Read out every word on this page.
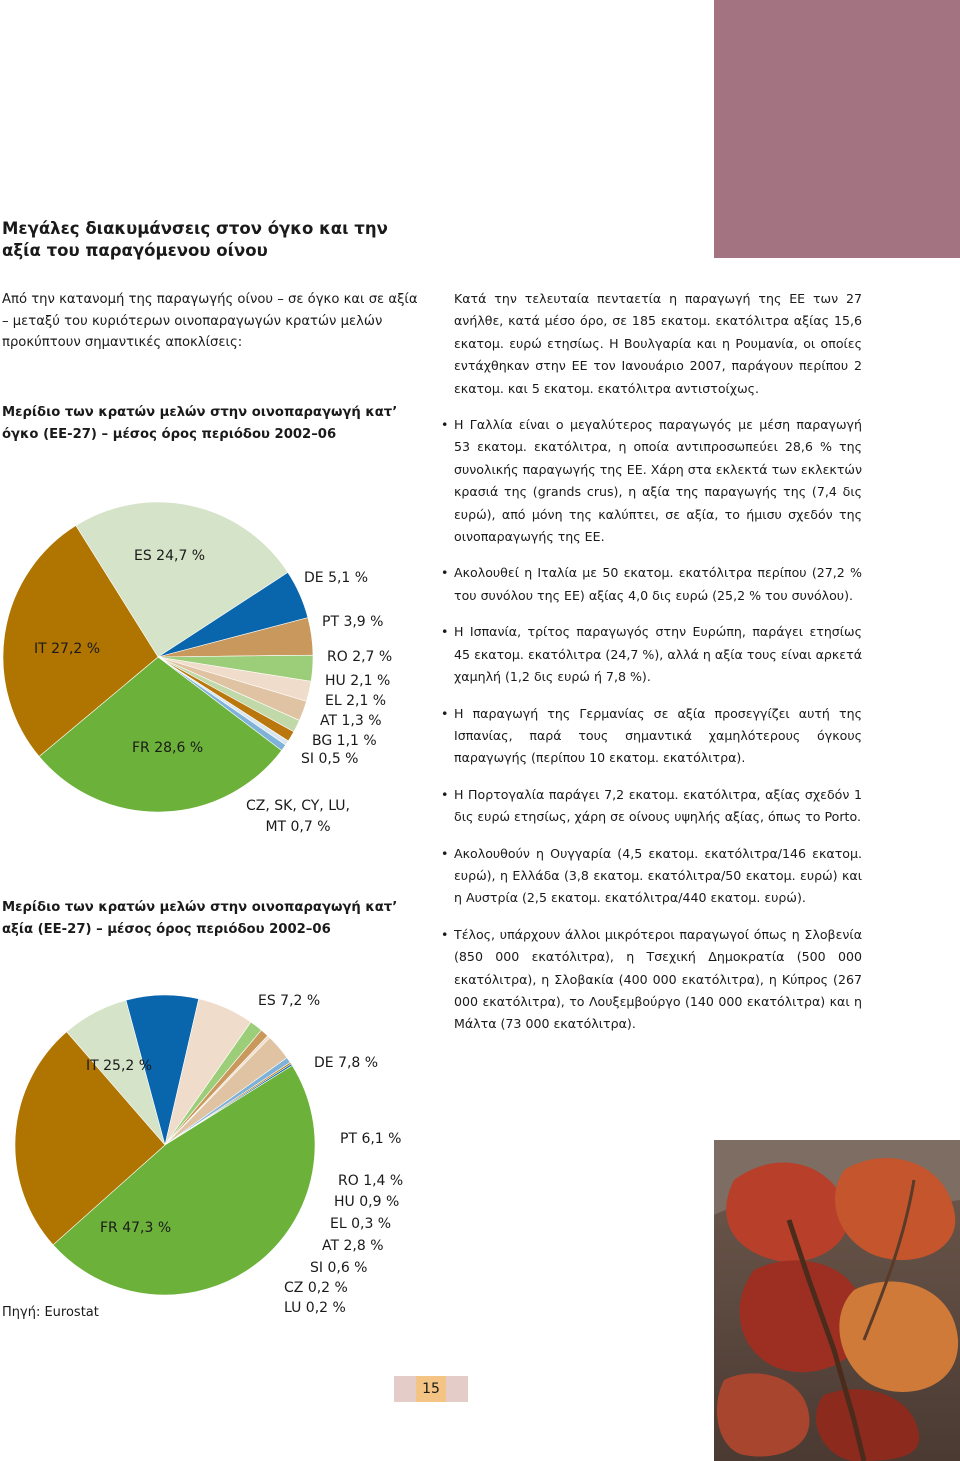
Μεγάλες διακυμάνσεις στον όγκο και την αξία του παραγόμενου οίνου
Από την κατανομή της παραγωγής οίνου – σε όγκο και σε αξία – μεταξύ του κυριότερων οινοπαραγωγών κρατών μελών προκύπτουν σημαντικές αποκλίσεις:
Μερίδιο των κρατών μελών στην οινοπαραγωγή κατ’ όγκο (ΕΕ-27) – μέσος όρος περιόδου 2002–06
ES 24,7 %
DE 5,1 %
PT 3,9 %
RO 2,7 %
HU 2,1 %
EL 2,1 %
AT 1,3 %
BG 1,1 %
SI 0,5 %
CZ, SK, CY, LU,
MT 0,7 %
FR 28,6 %
IT 27,2 %
Μερίδιο των κρατών μελών στην οινοπαραγωγή κατ’ αξία (ΕΕ-27) – μέσος όρος περιόδου 2002–06
ES 7,2 %
DE 7,8 %
PT 6,1 %
RO 1,4 %
HU 0,9 %
EL 0,3 %
AT 2,8 %
SI 0,6 %
CZ 0,2 %
LU 0,2 %
FR 47,3 %
IT 25,2 %
Πηγή: Eurostat

Κατά την τελευταία πενταετία η παραγωγή της ΕΕ των 27 ανήλθε, κατά μέσο όρο, σε 185 εκατομ. εκατόλιτρα αξίας 15,6 εκατομ. ευρώ ετησίως. Η Βουλγαρία και η Ρουμανία, οι οποίες εντάχθηκαν στην ΕΕ τον Ιανουάριο 2007, παράγουν περίπου 2 εκατομ. και 5 εκατομ. εκατόλιτρα αντιστοίχως.

• Η Γαλλία είναι ο μεγαλύτερος παραγωγός με μέση παραγωγή 53 εκατομ. εκατόλιτρα, η οποία αντιπροσωπεύει 28,6 % της συνολικής παραγωγής της ΕΕ. Χάρη στα εκλεκτά των εκλεκτών κρασιά της (grands crus), η αξία της παραγωγής της (7,4 δις ευρώ), από μόνη της καλύπτει, σε αξία, το ήμισυ σχεδόν της οινοπαραγωγής της ΕΕ.
• Ακολουθεί η Ιταλία με 50 εκατομ. εκατόλιτρα περίπου (27,2 % του συνόλου της ΕΕ) αξίας 4,0 δις ευρώ (25,2 % του συνόλου).
• Η Ισπανία, τρίτος παραγωγός στην Ευρώπη, παράγει ετησίως 45 εκατομ. εκατόλιτρα (24,7 %), αλλά η αξία τους είναι αρκετά χαμηλή (1,2 δις ευρώ ή 7,8 %).
• Η παραγωγή της Γερμανίας σε αξία προσεγγίζει αυτή της Ισπανίας, παρά τους σημαντικά χαμηλότερους όγκους παραγωγής (περίπου 10 εκατομ. εκατόλιτρα).
• Η Πορτογαλία παράγει 7,2 εκατομ. εκατόλιτρα, αξίας σχεδόν 1 δις ευρώ ετησίως, χάρη σε οίνους υψηλής αξίας, όπως το Porto.
• Ακολουθούν η Ουγγαρία (4,5 εκατομ. εκατόλιτρα/146 εκατομ. ευρώ), η Ελλάδα (3,8 εκατομ. εκατόλιτρα/50 εκατομ. ευρώ) και η Αυστρία (2,5 εκατομ. εκατόλιτρα/440 εκατομ. ευρώ).
• Τέλος, υπάρχουν άλλοι μικρότεροι παραγωγοί όπως η Σλοβενία (850 000 εκατόλιτρα), η Τσεχική Δημοκρατία (500 000 εκατόλιτρα), η Σλοβακία (400 000 εκατόλιτρα), η Κύπρος (267 000 εκατόλιτρα), το Λουξεμβούργο (140 000 εκατόλιτρα) και η Μάλτα (73 000 εκατόλιτρα).
15
